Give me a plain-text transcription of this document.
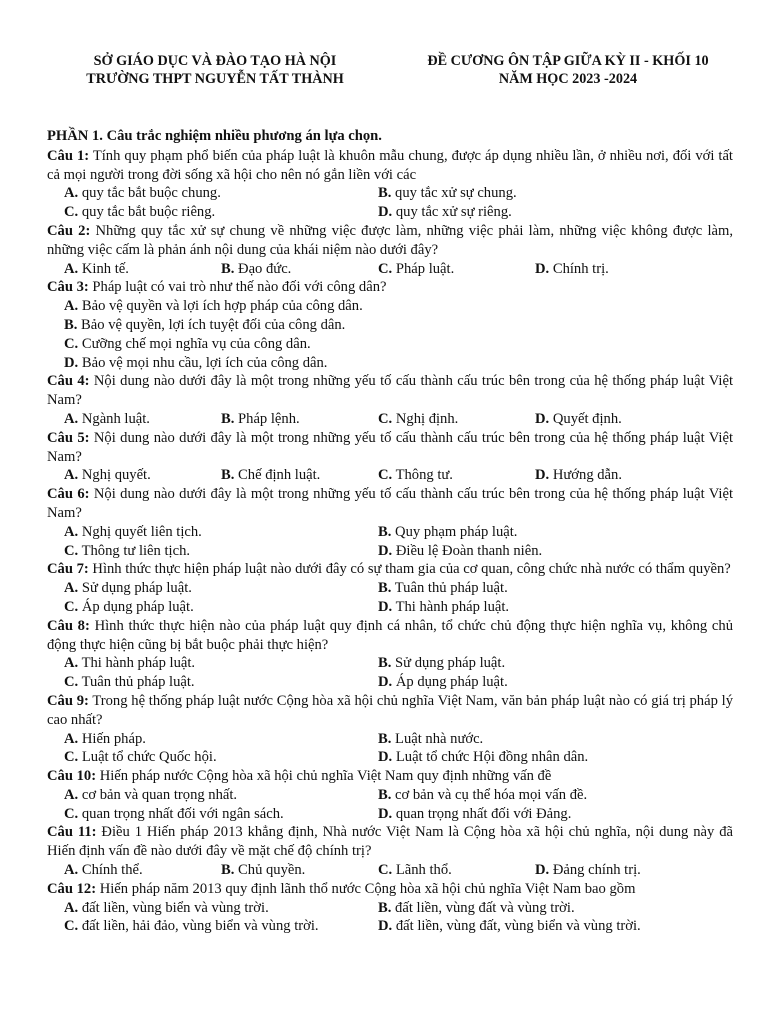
SỞ GIÁO DỤC VÀ ĐÀO TẠO HÀ NỘI
TRƯỜNG THPT NGUYỄN TẤT THÀNH
ĐỀ CƯƠNG ÔN TẬP GIỮA KỲ II - KHỐI 10
NĂM HỌC 2023 -2024
PHẦN 1. Câu trắc nghiệm nhiều phương án lựa chọn.
Câu 1: Tính quy phạm phổ biến của pháp luật là khuôn mẫu chung, được áp dụng nhiều lần, ở nhiều nơi, đối với tất cả mọi người trong đời sống xã hội cho nên nó gắn liền với các
A. quy tắc bắt buộc chung.	B. quy tắc xử sự chung.
C. quy tắc bắt buộc riêng.	D. quy tắc xử sự riêng.
Câu 2: Những quy tắc xử sự chung về những việc được làm, những việc phải làm, những việc không được làm, những việc cấm là phản ánh nội dung của khái niệm nào dưới đây?
A. Kinh tế.	B. Đạo đức.	C. Pháp luật.	D. Chính trị.
Câu 3: Pháp luật có vai trò như thế nào đối với công dân?
A. Bảo vệ quyền và lợi ích hợp pháp của công dân.
B. Bảo vệ quyền, lợi ích tuyệt đối của công dân.
C. Cưỡng chế mọi nghĩa vụ của công dân.
D. Bảo vệ mọi nhu cầu, lợi ích của công dân.
Câu 4: Nội dung nào dưới đây là một trong những yếu tố cấu thành cấu trúc bên trong của hệ thống pháp luật Việt Nam?
A. Ngành luật.	B. Pháp lệnh.	C. Nghị định.	D. Quyết định.
Câu 5: Nội dung nào dưới đây là một trong những yếu tố cấu thành cấu trúc bên trong của hệ thống pháp luật Việt Nam?
A. Nghị quyết.	B. Chế định luật.	C. Thông tư.	D. Hướng dẫn.
Câu 6: Nội dung nào dưới đây là một trong những yếu tố cấu thành cấu trúc bên trong của hệ thống pháp luật Việt Nam?
A. Nghị quyết liên tịch.	B. Quy phạm pháp luật.
C. Thông tư liên tịch.	D. Điều lệ Đoàn thanh niên.
Câu 7: Hình thức thực hiện pháp luật nào dưới đây có sự tham gia của cơ quan, công chức nhà nước có thẩm quyền?
A. Sử dụng pháp luật.	B. Tuân thủ pháp luật.
C. Áp dụng pháp luật.	D. Thi hành pháp luật.
Câu 8: Hình thức thực hiện nào của pháp luật quy định cá nhân, tổ chức chủ động thực hiện nghĩa vụ, không chủ động thực hiện cũng bị bắt buộc phải thực hiện?
A. Thi hành pháp luật.	B. Sử dụng pháp luật.
C. Tuân thủ pháp luật.	D. Áp dụng pháp luật.
Câu 9: Trong hệ thống pháp luật nước Cộng hòa xã hội chủ nghĩa Việt Nam, văn bản pháp luật nào có giá trị pháp lý cao nhất?
A. Hiến pháp.	B. Luật nhà nước.
C. Luật tổ chức Quốc hội.	D. Luật tổ chức Hội đồng nhân dân.
Câu 10: Hiến pháp nước Cộng hòa xã hội chủ nghĩa Việt Nam quy định những vấn đề
A. cơ bản và quan trọng nhất.	B. cơ bản và cụ thể hóa mọi vấn đề.
C. quan trọng nhất đối với ngân sách.	D. quan trọng nhất đối với Đảng.
Câu 11: Điều 1 Hiến pháp 2013 khẳng định, Nhà nước Việt Nam là Cộng hòa xã hội chủ nghĩa, nội dung này đã Hiến định vấn đề nào dưới đây về mặt chế độ chính trị?
A. Chính thể.	B. Chủ quyền.	C. Lãnh thổ.	D. Đảng chính trị.
Câu 12: Hiến pháp năm 2013 quy định lãnh thổ nước Cộng hòa xã hội chủ nghĩa Việt Nam bao gồm
A. đất liền, vùng biển và vùng trời.	B. đất liền, vùng đất và vùng trời.
C. đất liền, hải đảo, vùng biển và vùng trời.	D. đất liền, vùng đất, vùng biển và vùng trời.
